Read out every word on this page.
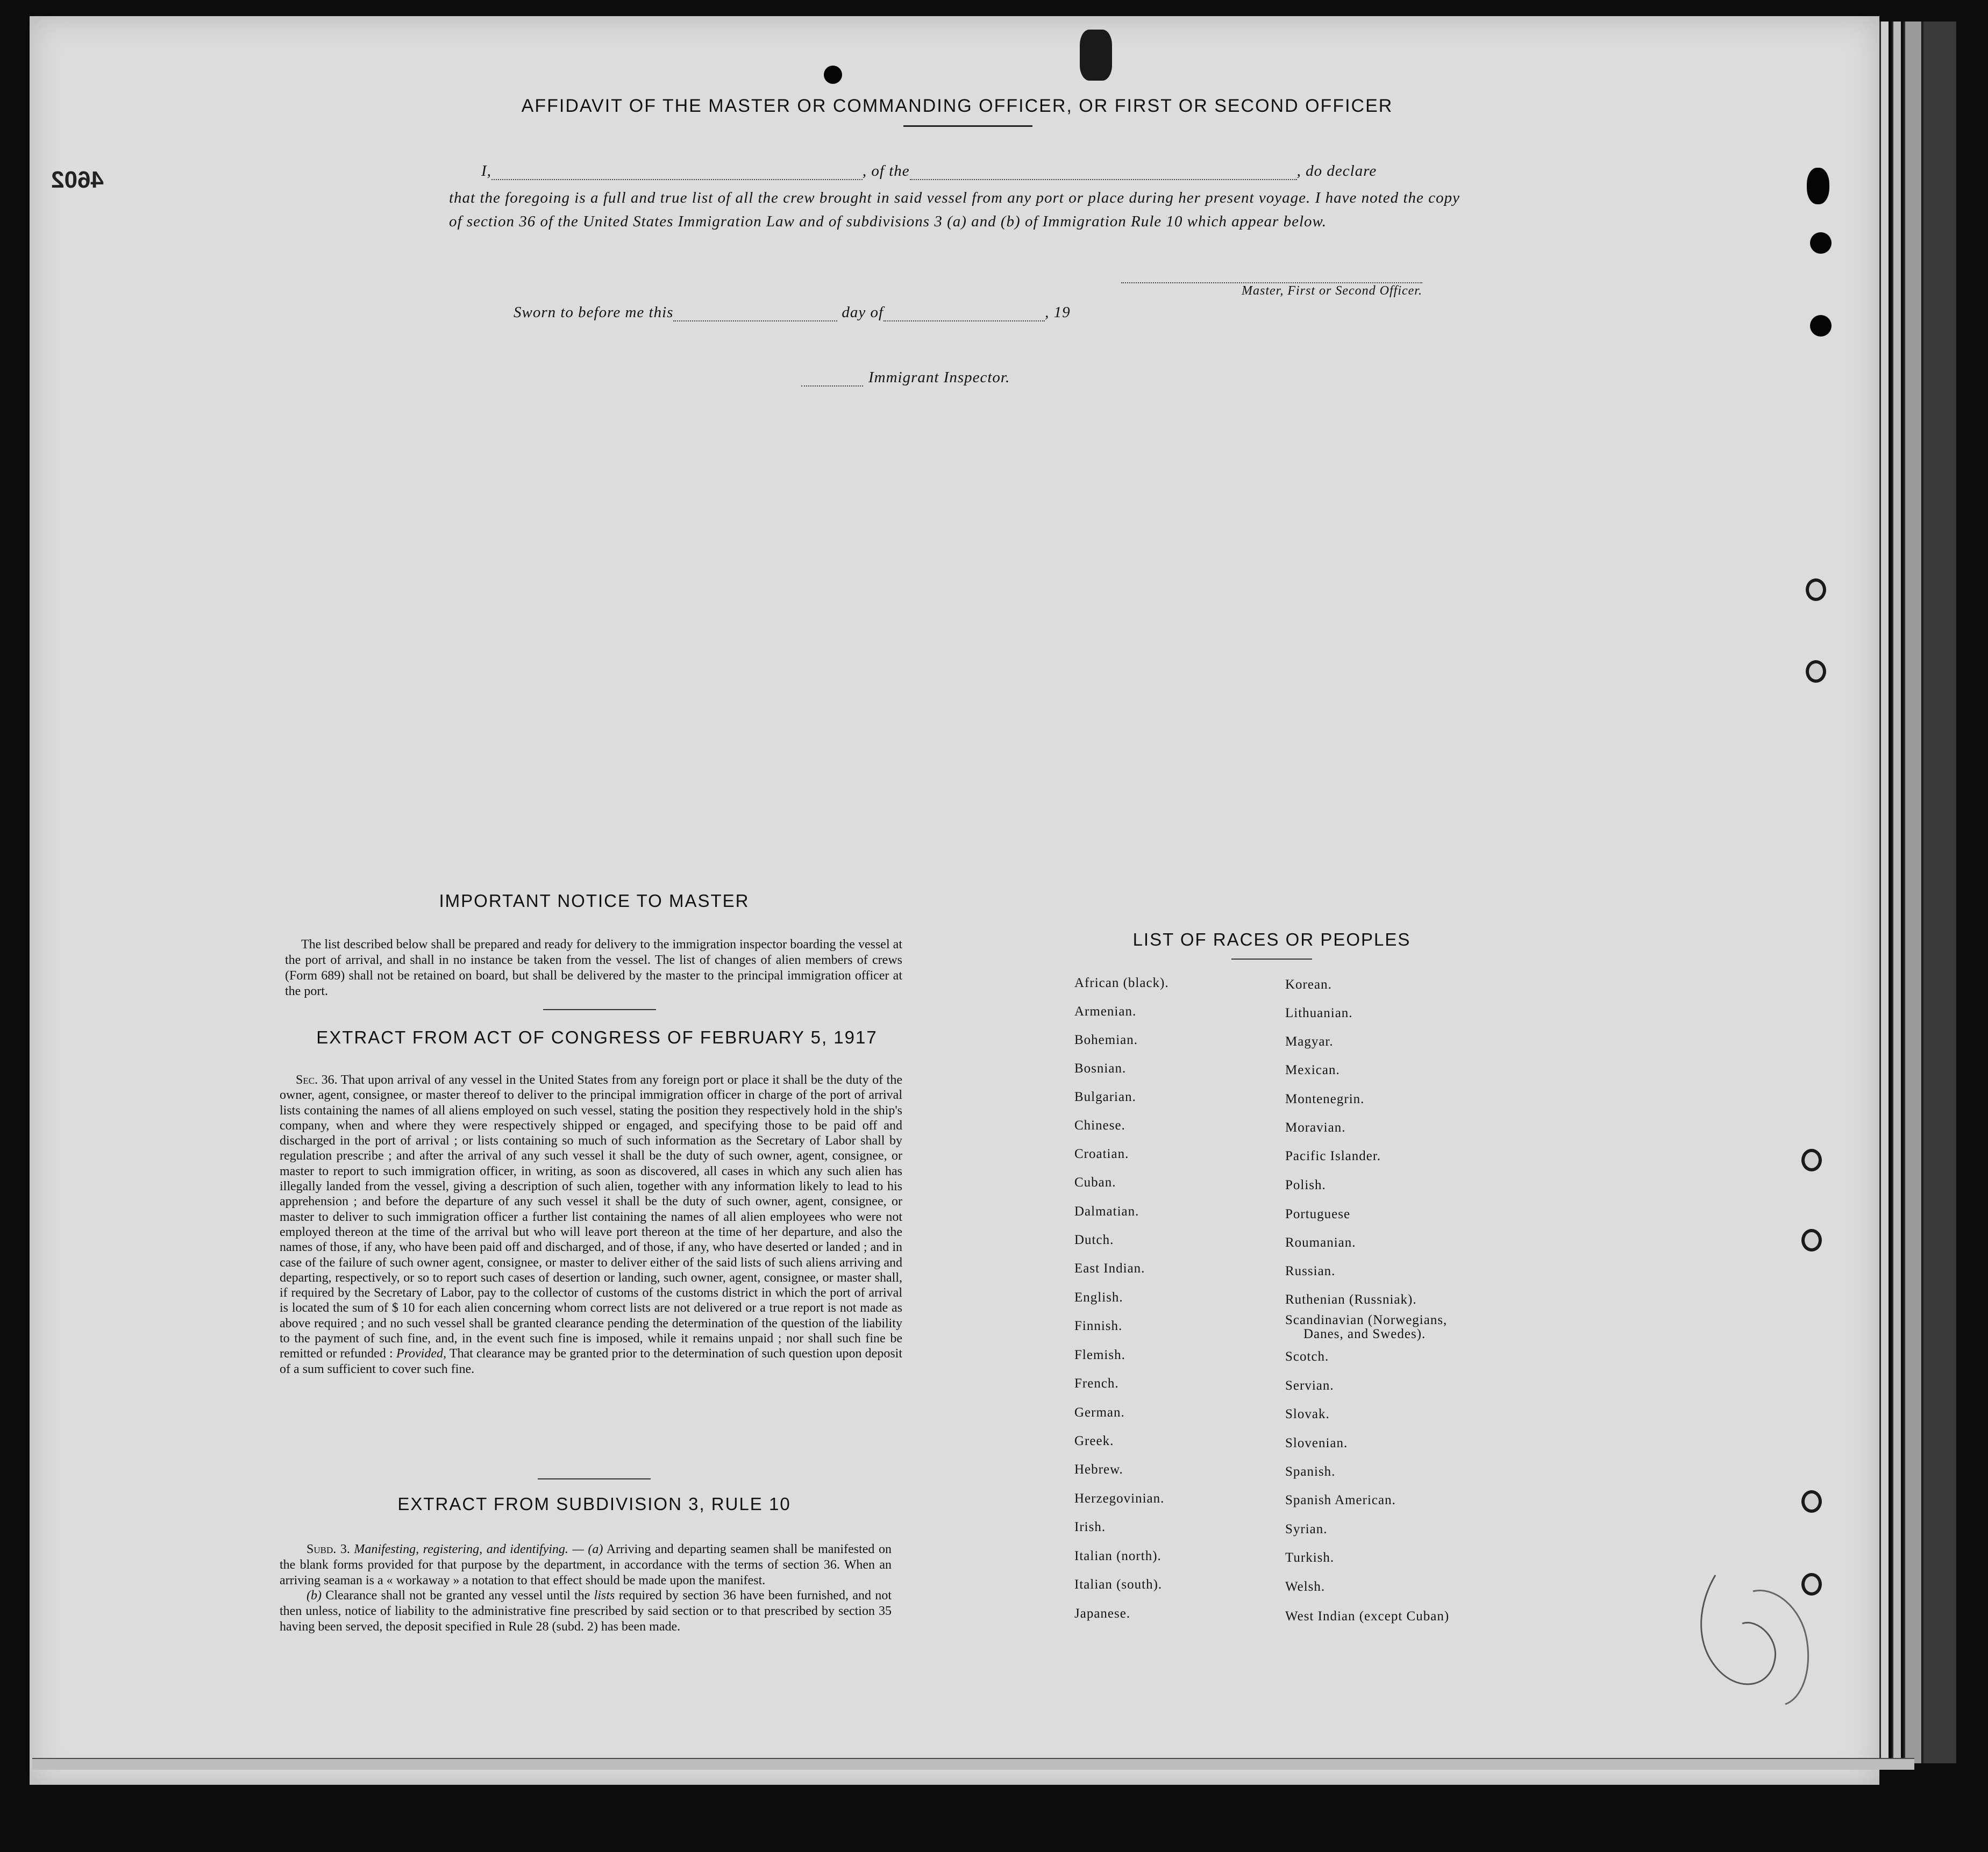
4602
AFFIDAVIT OF THE MASTER OR COMMANDING OFFICER, OR FIRST OR SECOND OFFICER
I,	, of the	, do declare
that the foregoing is a full and true list of all the crew brought in said vessel from any port or place during her present voyage. I have noted the copy of section 36 of the United States Immigration Law and of subdivisions 3 (a) and (b) of Immigration Rule 10 which appear below.
Master, First or Second Officer.
Sworn to before me this	day of	, 19
Immigrant Inspector.
IMPORTANT NOTICE TO MASTER
The list described below shall be prepared and ready for delivery to the immigration inspector boarding the vessel at the port of arrival, and shall in no instance be taken from the vessel. The list of changes of alien members of crews (Form 689) shall not be retained on board, but shall be delivered by the master to the principal immigration officer at the port.
EXTRACT FROM ACT OF CONGRESS OF FEBRUARY 5, 1917
Sec. 36. That upon arrival of any vessel in the United States from any foreign port or place it shall be the duty of the owner, agent, consignee, or master thereof to deliver to the principal immigration officer in charge of the port of arrival lists containing the names of all aliens employed on such vessel, stating the position they respectively hold in the ship's company, when and where they were respectively shipped or engaged, and specifying those to be paid off and discharged in the port of arrival ; or lists containing so much of such information as the Secretary of Labor shall by regulation prescribe ; and after the arrival of any such vessel it shall be the duty of such owner, agent, consignee, or master to report to such immigration officer, in writing, as soon as discovered, all cases in which any such alien has illegally landed from the vessel, giving a description of such alien, together with any information likely to lead to his apprehension ; and before the departure of any such vessel it shall be the duty of such owner, agent, consignee, or master to deliver to such immigration officer a further list containing the names of all alien employees who were not employed thereon at the time of the arrival but who will leave port thereon at the time of her departure, and also the names of those, if any, who have been paid off and discharged, and of those, if any, who have deserted or landed ; and in case of the failure of such owner agent, consignee, or master to deliver either of the said lists of such aliens arriving and departing, respectively, or so to report such cases of desertion or landing, such owner, agent, consignee, or master shall, if required by the Secretary of Labor, pay to the collector of customs of the customs district in which the port of arrival is located the sum of $ 10 for each alien concerning whom correct lists are not delivered or a true report is not made as above required ; and no such vessel shall be granted clearance pending the determination of the question of the liability to the payment of such fine, and, in the event such fine is imposed, while it remains unpaid ; nor shall such fine be remitted or refunded : Provided, That clearance may be granted prior to the determination of such question upon deposit of a sum sufficient to cover such fine.
EXTRACT FROM SUBDIVISION 3, RULE 10
Subd. 3. Manifesting, registering, and identifying. — (a) Arriving and departing seamen shall be manifested on the blank forms provided for that purpose by the department, in accordance with the terms of section 36. When an arriving seaman is a « workaway » a notation to that effect should be made upon the manifest.
(b) Clearance shall not be granted any vessel until the lists required by section 36 have been furnished, and not then unless, notice of liability to the administrative fine prescribed by said section or to that prescribed by section 35 having been served, the deposit specified in Rule 28 (subd. 2) has been made.
LIST OF RACES OR PEOPLES
African (black).
Armenian.
Bohemian.
Bosnian.
Bulgarian.
Chinese.
Croatian.
Cuban.
Dalmatian.
Dutch.
East Indian.
English.
Finnish.
Flemish.
French.
German.
Greek.
Hebrew.
Herzegovinian.
Irish.
Italian (north).
Italian (south).
Japanese.
Korean.
Lithuanian.
Magyar.
Mexican.
Montenegrin.
Moravian.
Pacific Islander.
Polish.
Portuguese
Roumanian.
Russian.
Ruthenian (Russniak).
Scandinavian (Norwegians,
Danes, and Swedes).
Scotch.
Servian.
Slovak.
Slovenian.
Spanish.
Spanish American.
Syrian.
Turkish.
Welsh.
West Indian (except Cuban)
